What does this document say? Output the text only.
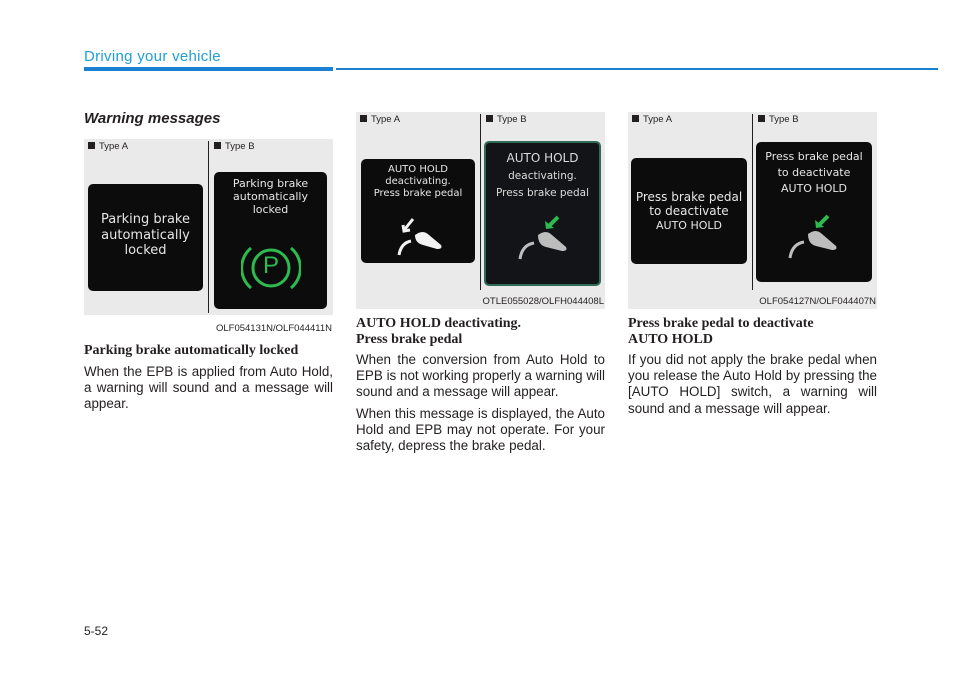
Driving your vehicle
Warning messages
Type A	Type B
Parking brake
automatically
locked
Parking brake
automatically
locked
P
OLF054131N/OLF044411N
Parking brake automatically locked

When the EPB is applied from Auto Hold, a warning will sound and a message will appear.

Type A	Type B
AUTO HOLD
deactivating.
Press brake pedal
AUTO HOLD
deactivating.
Press brake pedal
OTLE055028/OLFH044408L
AUTO HOLD deactivating.
Press brake pedal

When the conversion from Auto Hold to EPB is not working properly a warning will sound and a message will appear.

When this message is displayed, the Auto Hold and EPB may not operate. For your safety, depress the brake pedal.

Type A	Type B
Press brake pedal
to deactivate
AUTO HOLD
Press brake pedal
to deactivate
AUTO HOLD
OLF054127N/OLF044407N
Press brake pedal to deactivate
AUTO HOLD

If you did not apply the brake pedal when you release the Auto Hold by pressing the [AUTO HOLD] switch, a warning will sound and a message will appear.

5-52
